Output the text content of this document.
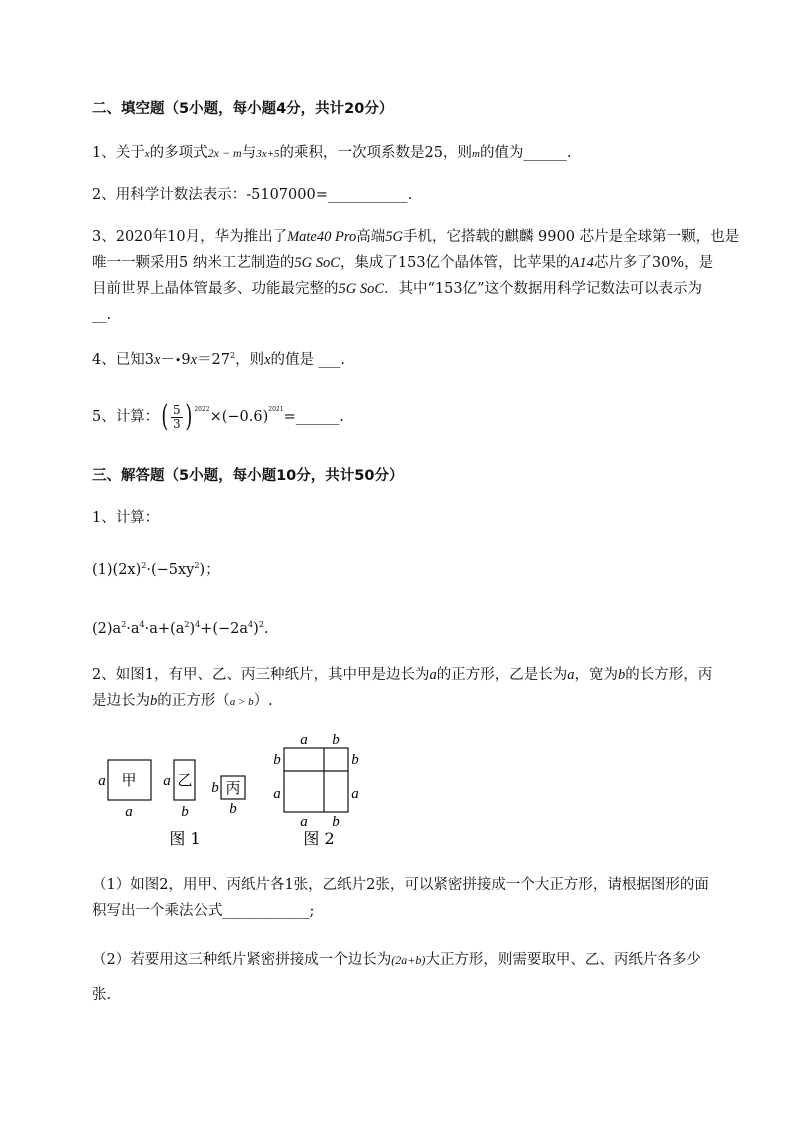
二、填空题（5小题，每小题4分，共计20分）
1、关于x的多项式2x − m与3x+5的乘积，一次项系数是25，则m的值为______.
2、用科学计数法表示：-5107000=___________.
3、2020年10月，华为推出了Mate40 Pro高端5G手机，它搭载的麒麟 9900 芯片是全球第一颗，也是
唯一一颗采用5 纳米工艺制造的5G SoC，集成了153亿个晶体管，比苹果的A14芯片多了30%，是
目前世界上晶体管最多、功能最完整的5G SoC．其中“153亿”这个数据用科学记数法可以表示为
__.
4、已知$3x-•9x=27^2$，则x的值是 ___.
5、计算：( $\frac{5}{3}$ ) $^{2022}\times(-0.6)^{2021}=\_\_\_\_\_\_$.
三、解答题（5小题，每小题10分，共计50分）
1、计算：
$(1)(2x)^2\cdot(-5xy^2)$；
$(2)a^2\cdot a^4\cdot a+(a^2)^4+(-2a^4)^2$.
2、如图1，有甲、乙、丙三种纸片，其中甲是边长为a的正方形，乙是长为a，宽为b的长方形，丙
是边长为b的正方形（a > b）.
甲
a
a
乙
a
b
丙
b
b
图 1
a b
b	b
a	a
a b
图 2
（1）如图2，用甲、丙纸片各1张，乙纸片2张，可以紧密拼接成一个大正方形，请根据图形的面
积写出一个乘法公式____________;
（2）若要用这三种纸片紧密拼接成一个边长为(2a+b)大正方形，则需要取甲、乙、丙纸片各多少
张.
